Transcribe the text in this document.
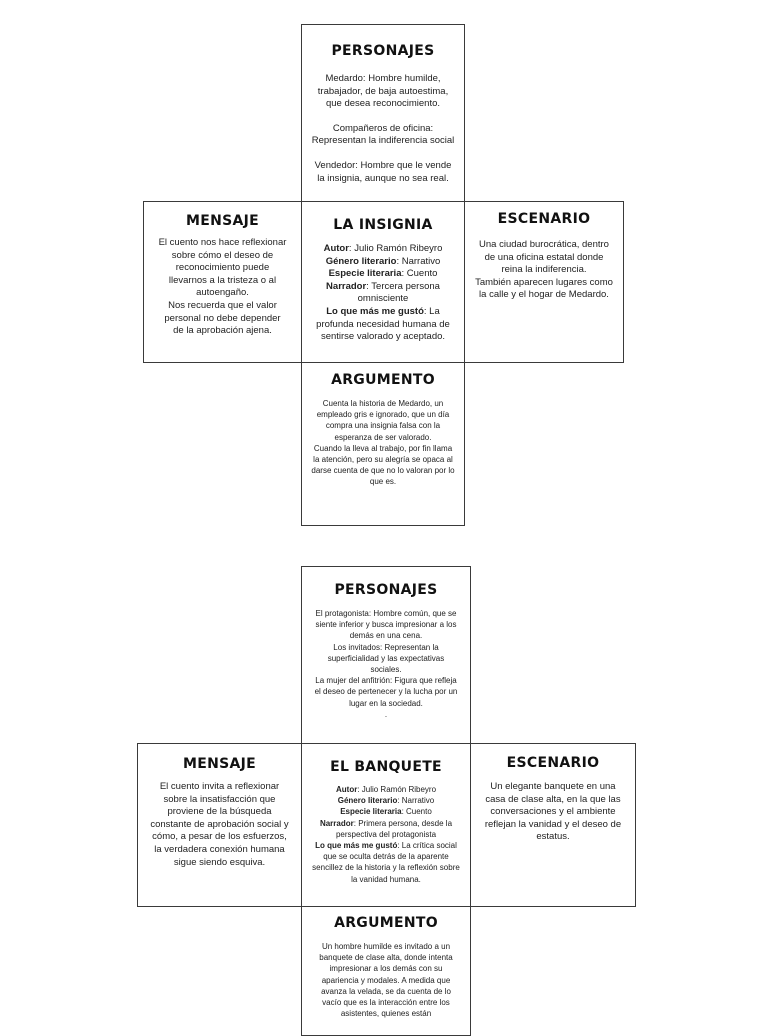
PERSONAJES
Medardo: Hombre humilde, trabajador, de baja autoestima, que desea reconocimiento.
Compañeros de oficina: Representan la indiferencia social
Vendedor: Hombre que le vende la insignia, aunque no sea real.
MENSAJE
El cuento nos hace reflexionar sobre cómo el deseo de reconocimiento puede llevarnos a la tristeza o al autoengaño.
Nos recuerda que el valor personal no debe depender de la aprobación ajena.
LA INSIGNIA
Autor: Julio Ramón Ribeyro
Género literario: Narrativo
Especie literaria: Cuento
Narrador: Tercera persona omnisciente
Lo que más me gustó: La profunda necesidad humana de sentirse valorado y aceptado.
ESCENARIO
Una ciudad burocrática, dentro de una oficina estatal donde reina la indiferencia.
También aparecen lugares como la calle y el hogar de Medardo.
ARGUMENTO
Cuenta la historia de Medardo, un empleado gris e ignorado, que un día compra una insignia falsa con la esperanza de ser valorado.
Cuando la lleva al trabajo, por fin llama la atención, pero su alegría se opaca al darse cuenta de que no lo valoran por lo que es.
PERSONAJES
El protagonista: Hombre común, que se siente inferior y busca impresionar a los demás en una cena.
Los invitados: Representan la superficialidad y las expectativas sociales.
La mujer del anfitrión: Figura que refleja el deseo de pertenecer y la lucha por un lugar en la sociedad.
.
MENSAJE
El cuento invita a reflexionar sobre la insatisfacción que proviene de la búsqueda constante de aprobación social y cómo, a pesar de los esfuerzos, la verdadera conexión humana sigue siendo esquiva.
EL BANQUETE
Autor: Julio Ramón Ribeyro
Género literario: Narrativo
Especie literaria: Cuento
Narrador: Primera persona, desde la perspectiva del protagonista
Lo que más me gustó: La crítica social que se oculta detrás de la aparente sencillez de la historia y la reflexión sobre la vanidad humana.
ESCENARIO
Un elegante banquete en una casa de clase alta, en la que las conversaciones y el ambiente reflejan la vanidad y el deseo de estatus.
ARGUMENTO
Un hombre humilde es invitado a un banquete de clase alta, donde intenta impresionar a los demás con su apariencia y modales. A medida que avanza la velada, se da cuenta de lo vacío que es la interacción entre los asistentes, quienes están
